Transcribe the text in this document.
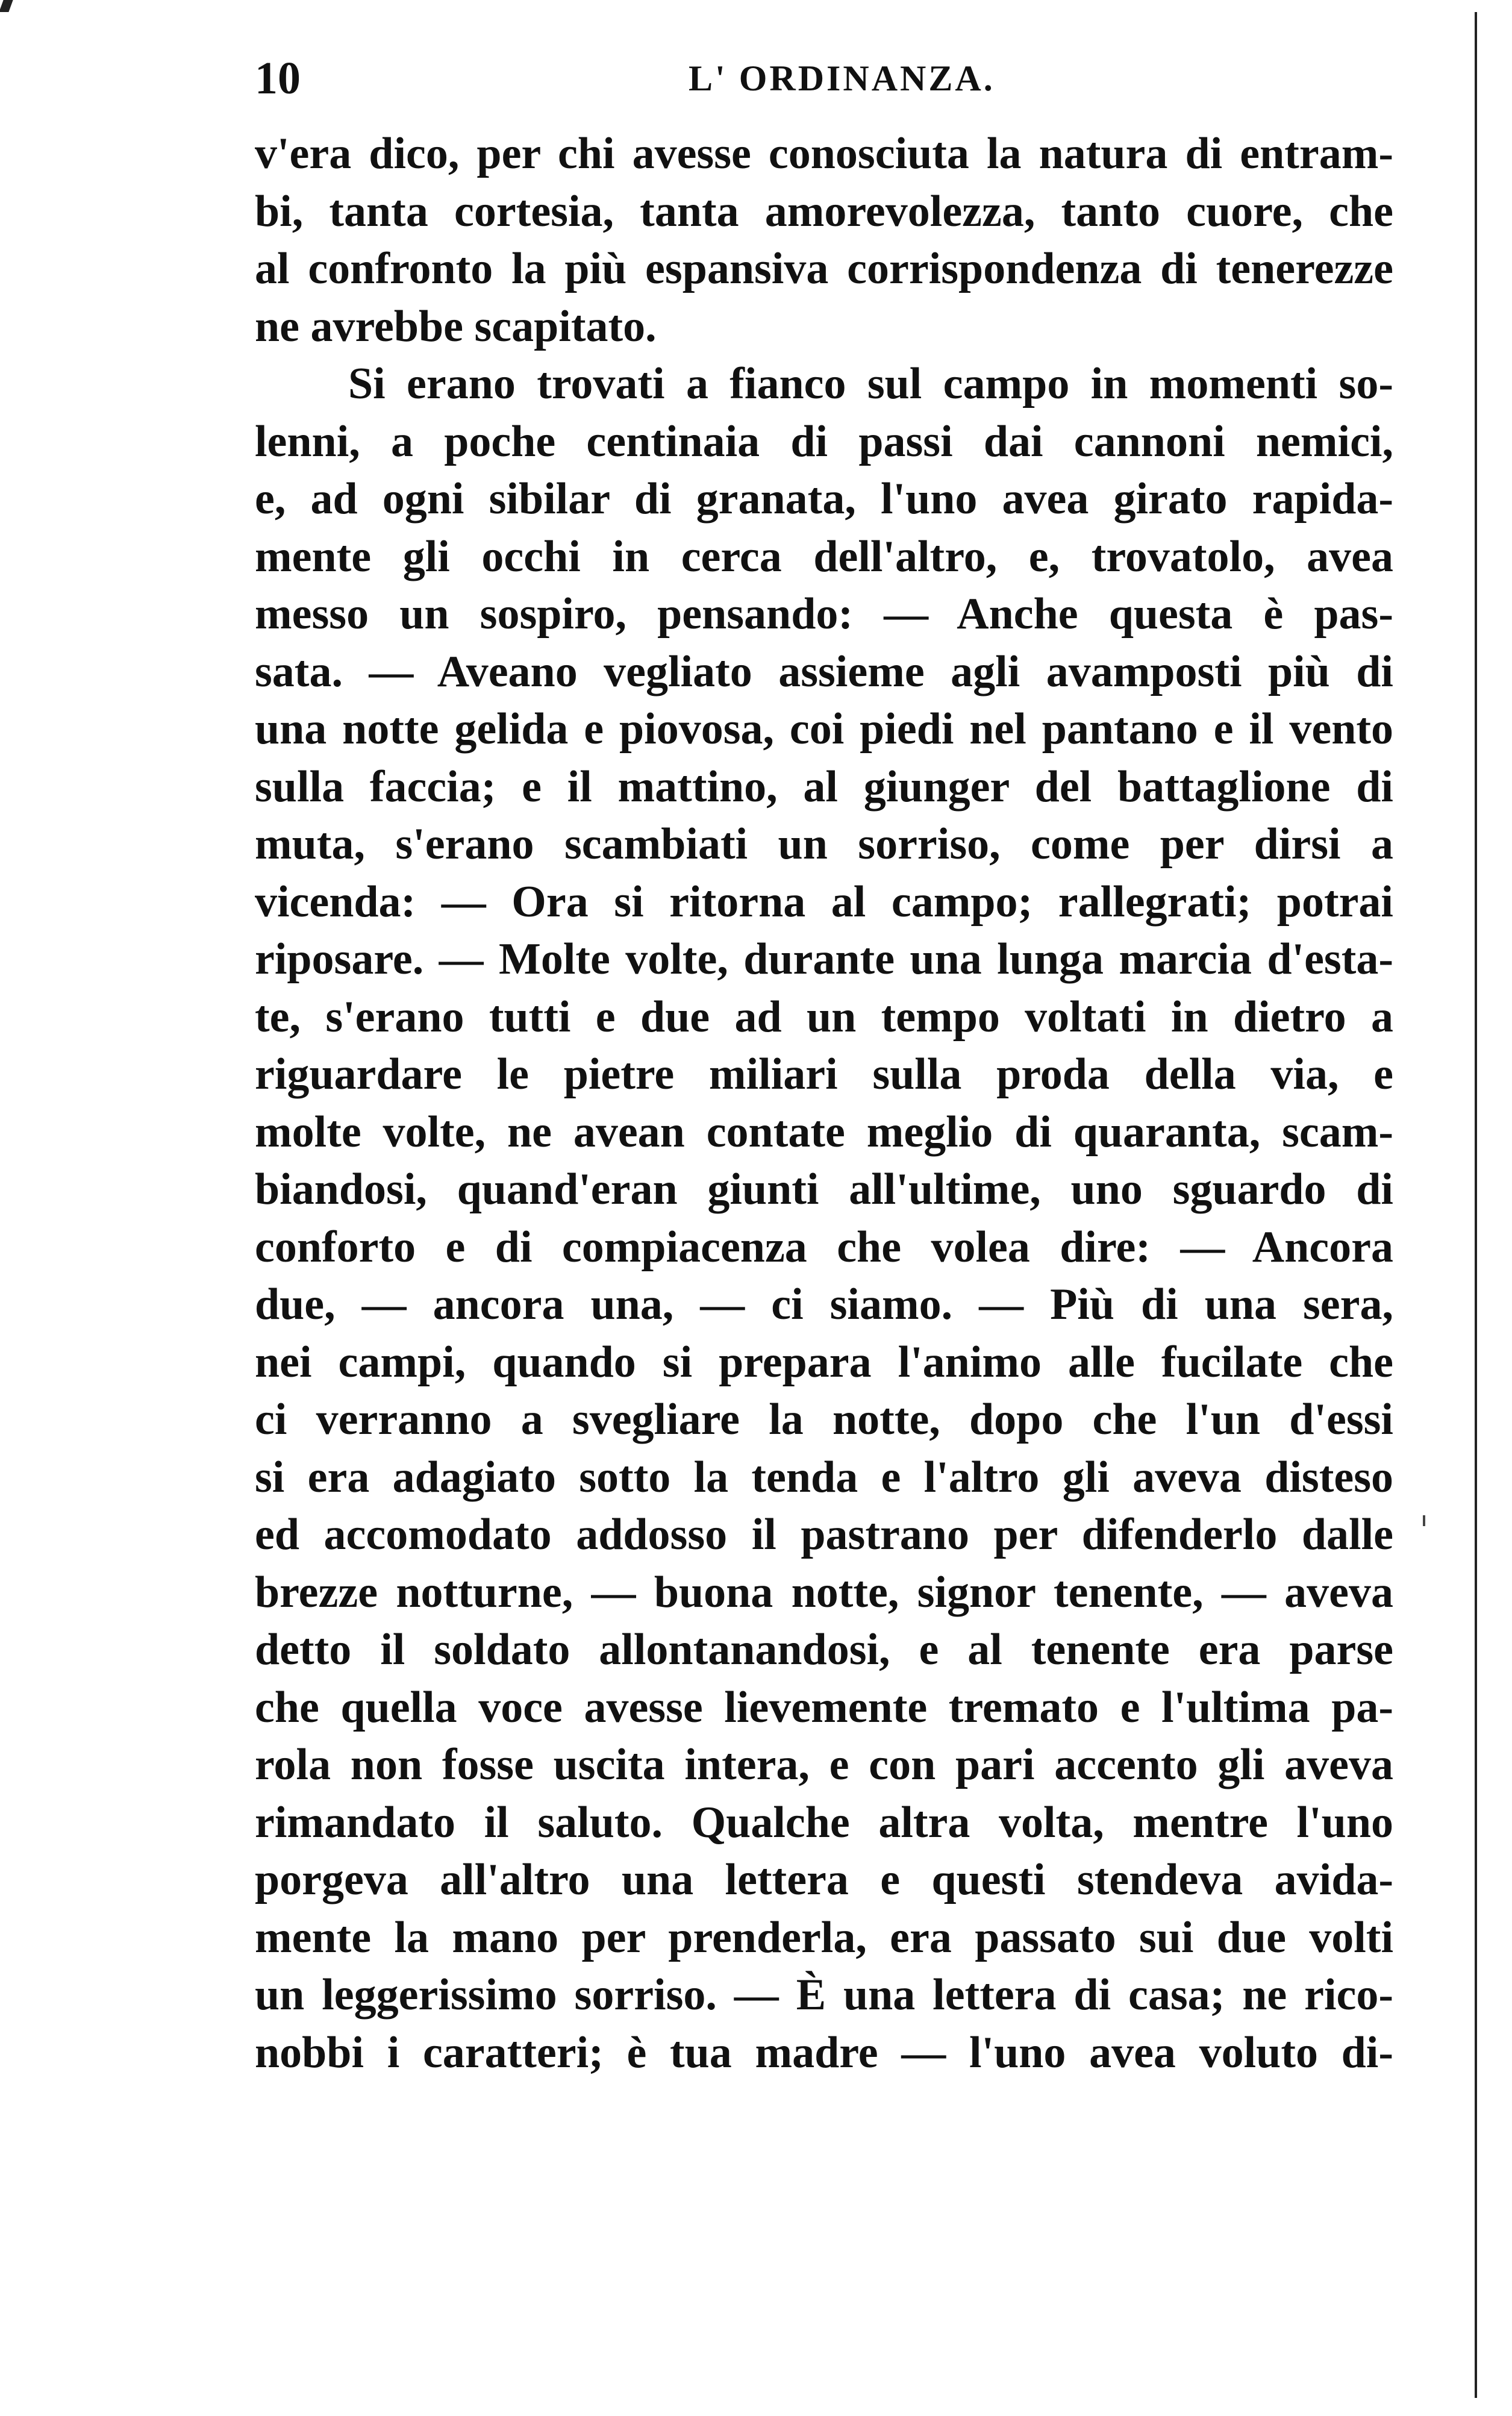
10	L' ORDINANZA.
v'era dico, per chi avesse conosciuta la natura di entram-
bi, tanta cortesia, tanta amorevolezza, tanto cuore, che
al confronto la più espansiva corrispondenza di tenerezze
ne avrebbe scapitato.
Si erano trovati a fianco sul campo in momenti so-
lenni, a poche centinaia di passi dai cannoni nemici,
e, ad ogni sibilar di granata, l'uno avea girato rapida-
mente gli occhi in cerca dell'altro, e, trovatolo, avea
messo un sospiro, pensando: — Anche questa è pas-
sata. — Aveano vegliato assieme agli avamposti più di
una notte gelida e piovosa, coi piedi nel pantano e il vento
sulla faccia; e il mattino, al giunger del battaglione di
muta, s'erano scambiati un sorriso, come per dirsi a
vicenda: — Ora si ritorna al campo; rallegrati; potrai
riposare. — Molte volte, durante una lunga marcia d'esta-
te, s'erano tutti e due ad un tempo voltati in dietro a
riguardare le pietre miliari sulla proda della via, e
molte volte, ne avean contate meglio di quaranta, scam-
biandosi, quand'eran giunti all'ultime, uno sguardo di
conforto e di compiacenza che volea dire: — Ancora
due, — ancora una, — ci siamo. — Più di una sera,
nei campi, quando si prepara l'animo alle fucilate che
ci verranno a svegliare la notte, dopo che l'un d'essi
si era adagiato sotto la tenda e l'altro gli aveva disteso
ed accomodato addosso il pastrano per difenderlo dalle
brezze notturne, — buona notte, signor tenente, — aveva
detto il soldato allontanandosi, e al tenente era parse
che quella voce avesse lievemente tremato e l'ultima pa-
rola non fosse uscita intera, e con pari accento gli aveva
rimandato il saluto. Qualche altra volta, mentre l'uno
porgeva all'altro una lettera e questi stendeva avida-
mente la mano per prenderla, era passato sui due volti
un leggerissimo sorriso. — È una lettera di casa; ne rico-
nobbi i caratteri; è tua madre — l'uno avea voluto di-
